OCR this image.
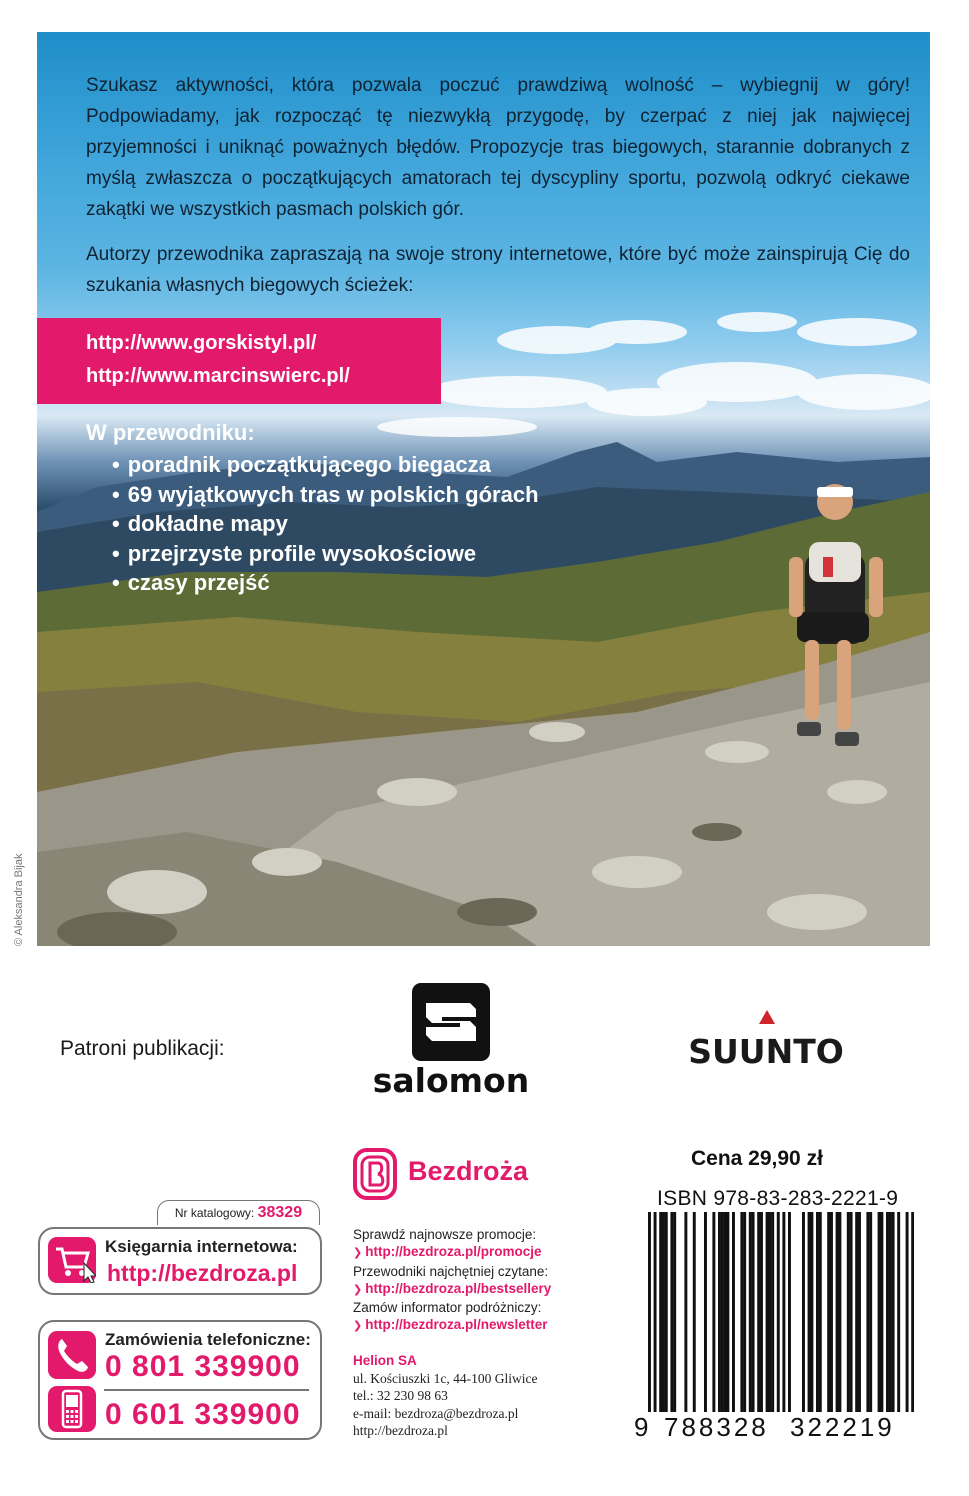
Szukasz aktywności, która pozwala poczuć prawdziwą wolność – wybiegnij w góry! Podpowiadamy, jak rozpocząć tę niezwykłą przygodę, by czerpać z niej jak najwięcej przyjemności i uniknąć poważnych błędów. Propozycje tras biegowych, starannie dobranych z myślą zwłaszcza o początkujących amatorach tej dyscypliny sportu, pozwolą odkryć ciekawe zakątki we wszystkich pasmach polskich gór.

Autorzy przewodnika zapraszają na swoje strony internetowe, które być może zainspirują Cię do szukania własnych biegowych ścieżek:

http://www.gorskistyl.pl/
http://www.marcinswierc.pl/
W przewodniku:
• poradnik początkującego biegacza
• 69 wyjątkowych tras w polskich górach
• dokładne mapy
• przejrzyste profile wysokościowe
• czasy przejść
© Aleksandra Bijak
Patroni publikacji:
salomon
SUUNTO
Nr katalogowy: 38329
Księgarnia internetowa:
http://bezdroza.pl
Zamówienia telefoniczne:
0 801 339900
0 601 339900
Bezdroża
Sprawdź najnowsze promocje:
❯ http://bezdroza.pl/promocje
Przewodniki najchętniej czytane:
❯ http://bezdroza.pl/bestsellery
Zamów informator podróżniczy:
❯ http://bezdroza.pl/newsletter
Helion SA
ul. Kościuszki 1c, 44-100 Gliwice
tel.: 32 230 98 63
e-mail: bezdroza@bezdroza.pl
http://bezdroza.pl
Cena 29,90 zł
ISBN 978-83-283-2221-9
9 788328 322219
